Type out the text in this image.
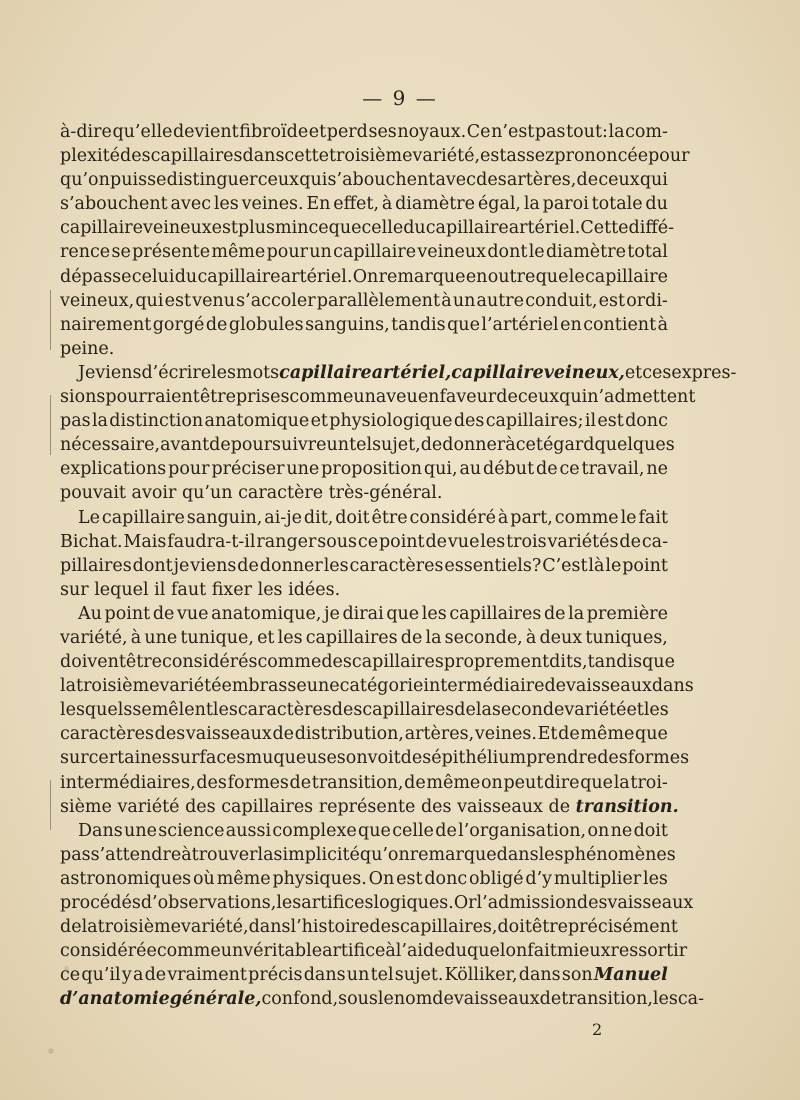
— 9 —
à-dire qu’elle devient fibroïde et perd ses noyaux. Ce n’est pas tout: la com-
plexité des capillaires dans cette troisième variété, est assez prononcée pour
qu’on puisse distinguer ceux qui s’abouchent avec des artères, de ceux qui
s’abouchent avec les veines. En effet, à diamètre égal, la paroi totale du
capillaire veineux est plus mince que celle du capillaire artériel. Cette diffé-
rence se présente même pour un capillaire veineux dont le diamètre total
dépasse celui du capillaire artériel. On remarque en outre que le capillaire
veineux, qui est venu s’accoler parallèlement à un autre conduit, est ordi-
nairement gorgé de globules sanguins, tandis que l’artériel en contient à
peine.
Je viens d’écrire les mots capillaire artériel, capillaire veineux, et ces expres-
sions pourraient être prises comme un aveu en faveur de ceux qui n’admettent
pas la distinction anatomique et physiologique des capillaires; il est donc
nécessaire, avant de poursuivre un tel sujet, de donner à cet égard quelques
explications pour préciser une proposition qui, au début de ce travail, ne
pouvait
avoir
qu’un
caractère
très-général.
Le capillaire sanguin, ai-je dit, doit être considéré à part, comme le fait
Bichat. Mais faudra-t-il ranger sous ce point de vue les trois variétés de ca-
pillaires dont je viens de donner les caractères essentiels? C’est là le point
sur
lequel
il
faut
fixer
les
idées.
Au point de vue anatomique, je dirai que les capillaires de la première
variété, à une tunique, et les capillaires de la seconde, à deux tuniques,
doivent être considérés comme des capillaires proprement dits, tandis que
la troisième variété embrasse une catégorie intermédiaire de vaisseaux dans
lesquels se mêlent les caractères des capillaires de la seconde variété et les
caractères des vaisseaux de distribution, artères, veines. Et de même que
sur certaines surfaces muqueuses on voit des épithélium prendre des formes
intermédiaires, des formes de transition, de même on peut dire que la troi-
sième
variété
des
capillaires
représente
des
vaisseaux
de
transition.
Dans une science aussi complexe que celle de l’organisation, on ne doit
pas s’attendre à trouver la simplicité qu’on remarque dans les phénomènes
astronomiques où même physiques. On est donc obligé d’y multiplier les
procédés d’observations, les artifices logiques. Or l’admission des vaisseaux
de la troisième variété, dans l’histoire des capillaires, doit être précisément
considérée comme un véritable artifice à l’aide duquel on fait mieux ressortir
ce qu’il y a de vraiment précis dans un tel sujet. Kölliker, dans son Manuel
d’anatomie générale, confond, sous le nom de vaisseaux de transition, les ca-
2
